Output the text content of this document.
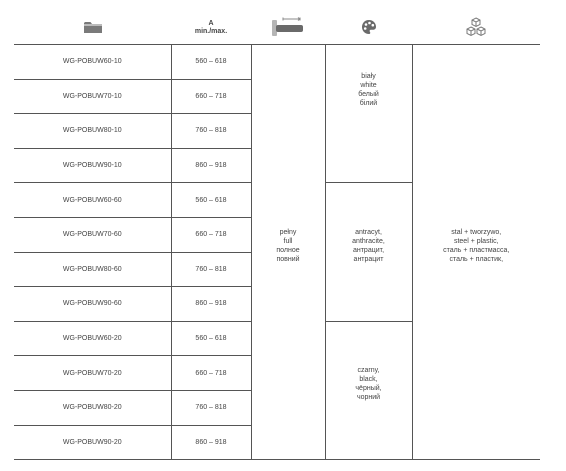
A
min./max.

WG-POBUW60-10	560 – 618	pełny
full
полное
повний	biały
white
белый
білий	stal + tworzywo,
steel + plastic,
сталь + пластмасса,
сталь + пластик,

WG-POBUW70-10	660 – 718			
WG-POBUW80-10	760 – 818			
WG-POBUW90-10	860 – 918			
WG-POBUW60-60	560 – 618		antracyt,
anthracite,
антрацит,
антрацит	

WG-POBUW70-60	660 – 718			
WG-POBUW80-60	760 – 818			
WG-POBUW90-60	860 – 918			
WG-POBUW60-20	560 – 618		czarny,
black,
чёрный,
чорний	

WG-POBUW70-20	660 – 718			
WG-POBUW80-20	760 – 818			
WG-POBUW90-20	860 – 918			
